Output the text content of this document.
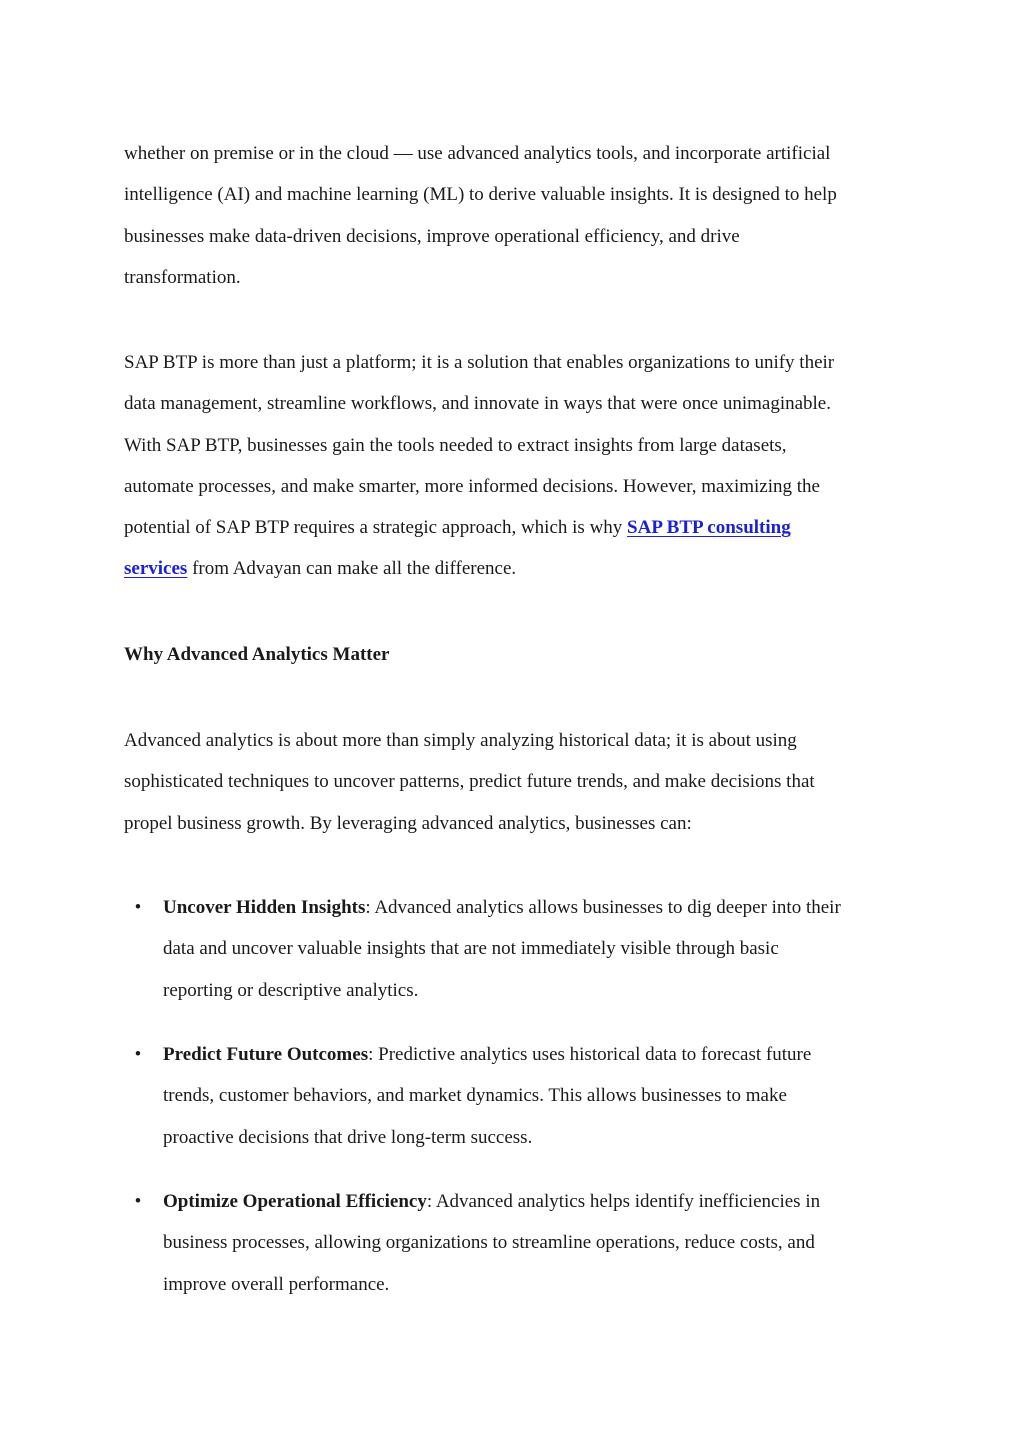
whether on premise or in the cloud — use advanced analytics tools, and incorporate artificial
intelligence (AI) and machine learning (ML) to derive valuable insights. It is designed to help
businesses make data-driven decisions, improve operational efficiency, and drive
transformation.
SAP BTP is more than just a platform; it is a solution that enables organizations to unify their
data management, streamline workflows, and innovate in ways that were once unimaginable.
With SAP BTP, businesses gain the tools needed to extract insights from large datasets,
automate processes, and make smarter, more informed decisions. However, maximizing the
potential of SAP BTP requires a strategic approach, which is why SAP BTP consulting
services from Advayan can make all the difference.
Why Advanced Analytics Matter
Advanced analytics is about more than simply analyzing historical data; it is about using
sophisticated techniques to uncover patterns, predict future trends, and make decisions that
propel business growth. By leveraging advanced analytics, businesses can:
• Uncover Hidden Insights: Advanced analytics allows businesses to dig deeper into their
data and uncover valuable insights that are not immediately visible through basic
reporting or descriptive analytics.
• Predict Future Outcomes: Predictive analytics uses historical data to forecast future
trends, customer behaviors, and market dynamics. This allows businesses to make
proactive decisions that drive long-term success.
• Optimize Operational Efficiency: Advanced analytics helps identify inefficiencies in
business processes, allowing organizations to streamline operations, reduce costs, and
improve overall performance.
